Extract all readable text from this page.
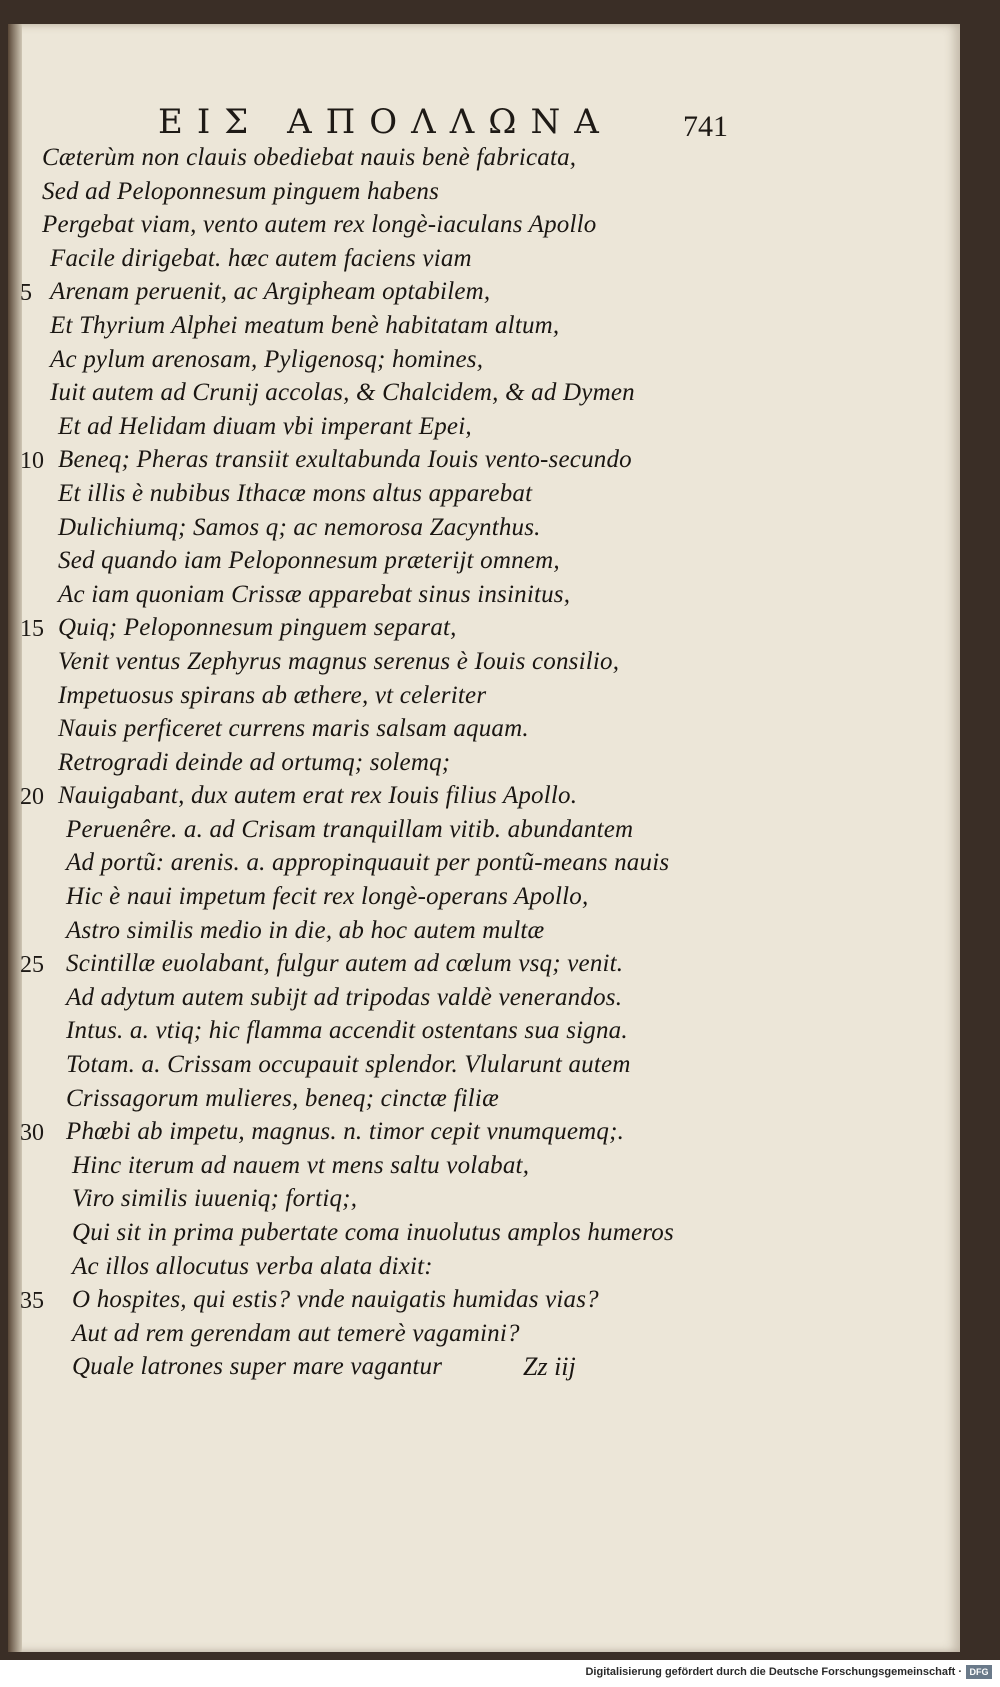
ΕΙΣ ΑΠΟΛΛΩΝΑ 741
Cæterùm non clauis obediebat nauis benè fabricata,
Sed ad Peloponnesum pinguem habens
Pergebat viam, vento autem rex longè-iaculans Apollo
Facile dirigebat. hæc autem faciens viam
5 Arenam peruenit, ac Argipheam optabilem,
Et Thyrium Alphei meatum benè habitatam altum,
Ac pylum arenosam, Pyligenosq; homines,
Iuit autem ad Crunij accolas, & Chalcidem, & ad Dymen
Et ad Helidam diuam vbi imperant Epei,
10 Beneq; Pheras transiit exultabunda Iouis vento-secundo
Et illis è nubibus Ithacæ mons altus apparebat
Dulichiumq; Samos q; ac nemorosa Zacynthus.
Sed quando iam Peloponnesum præterijt omnem,
Ac iam quoniam Crissæ apparebat sinus insinitus,
15 Quiq; Peloponnesum pinguem separat,
Venit ventus Zephyrus magnus serenus è Iouis consilio,
Impetuosus spirans ab æthere, vt celeriter
Nauis perficeret currens maris salsam aquam.
Retrogradi deinde ad ortumq; solemq;
20 Nauigabant, dux autem erat rex Iouis filius Apollo.
Peruenêre. a. ad Crisam tranquillam vitib. abundantem
Ad portũ: arenis. a. appropinquauit per pontũ-means nauis
Hic è naui impetum fecit rex longè-operans Apollo,
Astro similis medio in die, ab hoc autem multæ
25 Scintillæ euolabant, fulgur autem ad cœlum vsq; venit.
Ad adytum autem subijt ad tripodas valdè venerandos.
Intus. a. vtiq; hic flamma accendit ostentans sua signa.
Totam. a. Crissam occupauit splendor. Vlularunt autem
Crissagorum mulieres, beneq; cinctæ filiæ
30 Phœbi ab impetu, magnus. n. timor cepit vnumquemq;.
Hinc iterum ad nauem vt mens saltu volabat,
Viro similis iuueniq; fortiq;,
Qui sit in prima pubertate coma inuolutus amplos humeros
Ac illos allocutus verba alata dixit:
35 O hospites, qui estis? vnde nauigatis humidas vias?
Aut ad rem gerendam aut temerè vagamini?
Quale latrones super mare vagantur	Zz iij
Digitalisierung gefördert durch die Deutsche Forschungsgemeinschaft · DFG
